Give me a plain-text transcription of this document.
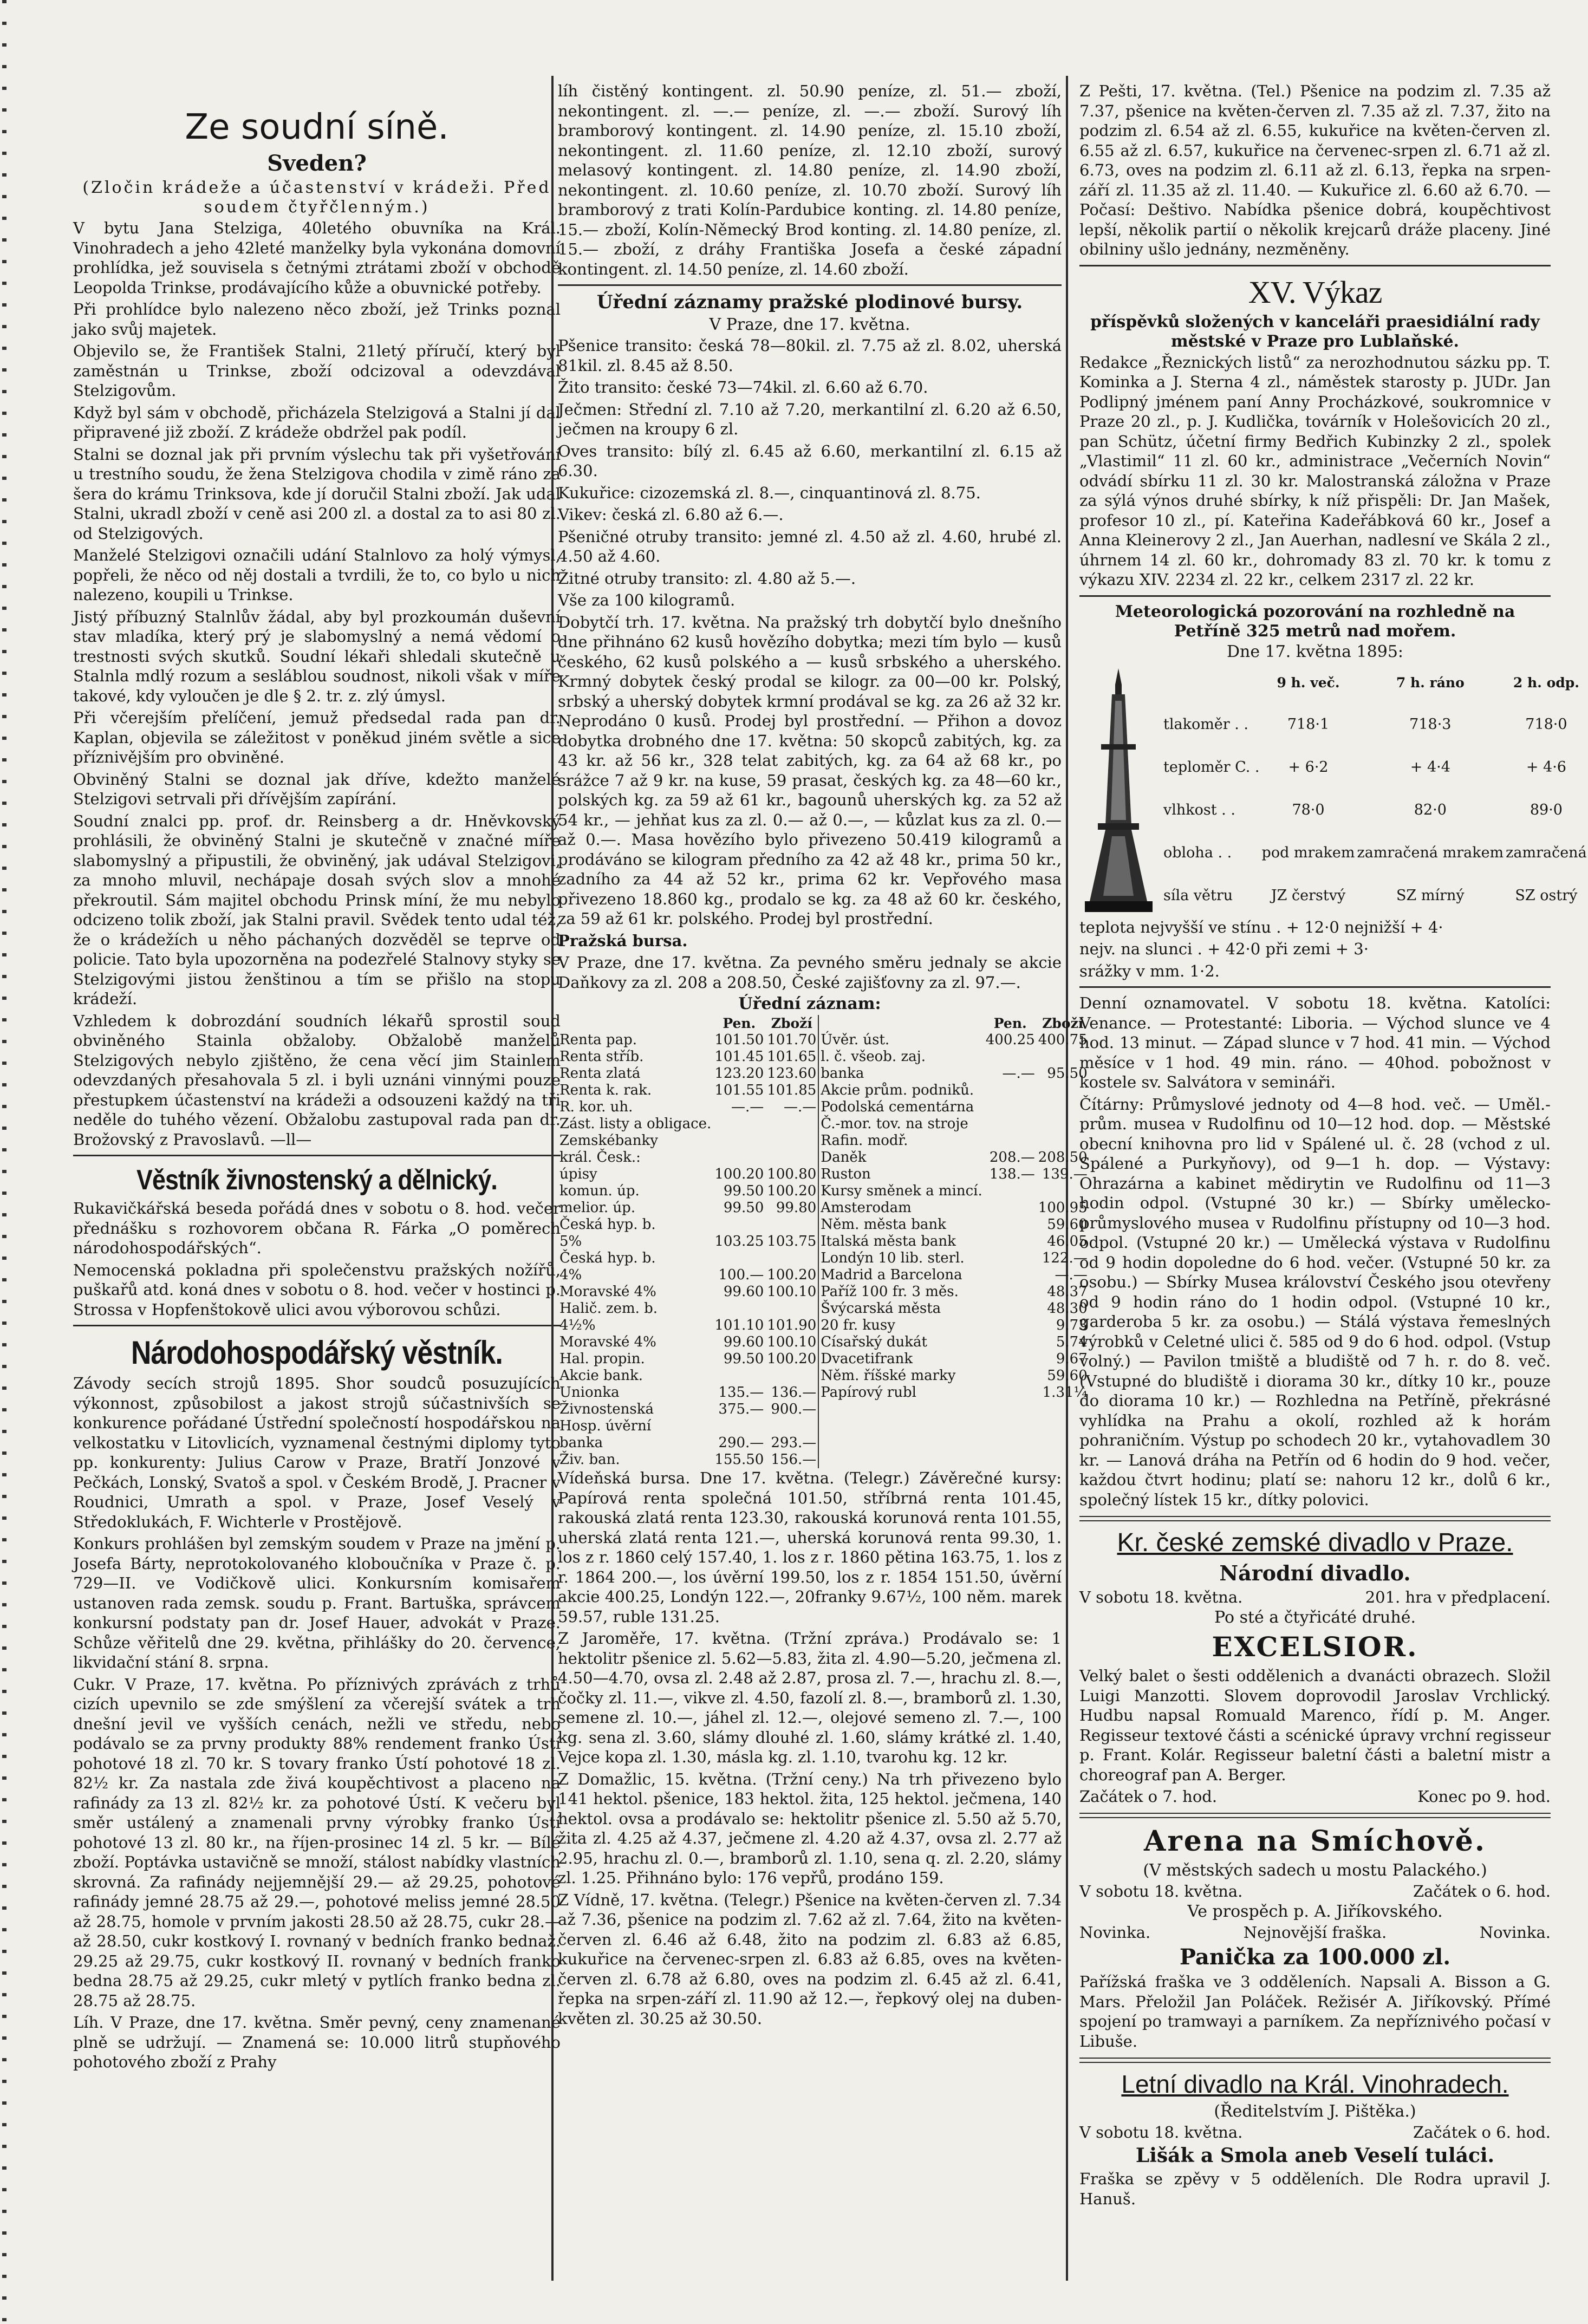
Ze soudní síně.
Sveden?
(Zločin krádeže a účastenství v krádeži. Před soudem čtyřčlenným.)

V bytu Jana Stelziga, 40letého obuvníka na Král. Vinohradech a jeho 42leté manželky byla vykonána domovní prohlídka, jež souvisela s četnými ztrátami zboží v obchodě Leopolda Trinkse, prodávajícího kůže a obuvnické potřeby.

Při prohlídce bylo nalezeno něco zboží, jež Trinks poznal jako svůj majetek.

Objevilo se, že František Stalni, 21letý příručí, který byl zaměstnán u Trinkse, zboží odcizoval a odevzdával Stelzigovům.

Když byl sám v obchodě, přicházela Stelzigová a Stalni jí dal připravené již zboží. Z krádeže obdržel pak podíl.

Stalni se doznal jak při prvním výslechu tak při vyšetřování u trestního soudu, že žena Stelzigova chodila v zimě ráno za šera do krámu Trinksova, kde jí doručil Stalni zboží. Jak udal Stalni, ukradl zboží v ceně asi 200 zl. a dostal za to asi 80 zl. od Stelzigových.

Manželé Stelzigovi označili udání Stalnlovo za holý výmysl, popřeli, že něco od něj dostali a tvrdili, že to, co bylo u nich nalezeno, koupili u Trinkse.

Jistý příbuzný Stalnlův žádal, aby byl prozkoumán duševní stav mladíka, který prý je slabomyslný a nemá vědomí o trestnosti svých skutků. Soudní lékaři shledali skutečně u Stalnla mdlý rozum a sesláblou soudnost, nikoli však v míře takové, kdy vyloučen je dle § 2. tr. z. zlý úmysl.

Při včerejším přelíčení, jemuž předsedal rada pan dr. Kaplan, objevila se záležitost v poněkud jiném světle a sice příznivějším pro obviněné.

Obviněný Stalni se doznal jak dříve, kdežto manželé Stelzigovi setrvali při dřívějším zapírání.

Soudní znalci pp. prof. dr. Reinsberg a dr. Hněvkovský prohlásili, že obviněný Stalni je skutečně v značné míře slabomyslný a připustili, že obviněný, jak udával Stelzigovi, za mnoho mluvil, nechápaje dosah svých slov a mnohé překroutil. Sám majitel obchodu Prinsk míní, že mu nebylo odcizeno tolik zboží, jak Stalni pravil. Svědek tento udal též, že o krádežích u něho páchaných dozvěděl se teprve od policie. Tato byla upozorněna na podezřelé Stalnovy styky se Stelzigovými jistou ženštinou a tím se přišlo na stopu krádeží.

Vzhledem k dobrozdání soudních lékařů sprostil soud obviněného Stainla obžaloby. Obžalobě manželů Stelzigových nebylo zjištěno, že cena věcí jim Stainlem odevzdaných přesahovala 5 zl. i byli uznáni vinnými pouze přestupkem účastenství na krádeži a odsouzeni každý na tři neděle do tuhého vězení. Obžalobu zastupoval rada pan dr. Brožovský z Pravoslavů. —ll—

Věstník živnostenský a dělnický.

Rukavičkářská beseda pořádá dnes v sobotu o 8. hod. večer přednášku s rozhovorem občana R. Fárka „O poměrech národohospodářských“.

Nemocenská pokladna při společenstvu pražských nožířů, puškařů atd. koná dnes v sobotu o 8. hod. večer v hostinci p. Strossa v Hopfenštokově ulici avou výborovou schůzi.

Národohospodářský věstník.

Závody secích strojů 1895. Shor soudců posuzujících výkonnost, způsobilost a jakost strojů súčastnivších se konkurence pořádané Ústřední společností hospodářskou na velkostatku v Litovlicích, vyznamenal čestnými diplomy tyto pp. konkurenty: Julius Carow v Praze, Bratří Jonzové v Pečkách, Lonský, Svatoš a spol. v Českém Brodě, J. Pracner v Roudnici, Umrath a spol. v Praze, Josef Veselý v Středoklukách, F. Wichterle v Prostějově.

Konkurs prohlášen byl zemským soudem v Praze na jmění p. Josefa Bárty, neprotokolovaného kloboučníka v Praze č. p. 729—II. ve Vodičkově ulici. Konkursním komisařem ustanoven rada zemsk. soudu p. Frant. Bartuška, správcem konkursní podstaty pan dr. Josef Hauer, advokát v Praze. Schůze věřitelů dne 29. května, přihlášky do 20. července, likvidační stání 8. srpna.

Cukr. V Praze, 17. května. Po příznivých zprávách z trhů cizích upevnilo se zde smýšlení za včerejší svátek a trh dnešní jevil ve vyšších cenách, nežli ve středu, nebo podávalo se za prvny produkty 88% rendement franko Ústí pohotové 18 zl. 70 kr. S tovary franko Ústí pohotové 18 zl. 82½ kr. Za nastala zde živá koupěchtivost a placeno na rafinády za 13 zl. 82½ kr. za pohotové Ústí. K večeru byl směr ustálený a znamenali prvny výrobky franko Ústí pohotové 13 zl. 80 kr., na říjen-prosinec 14 zl. 5 kr. — Bílé zboží. Poptávka ustavičně se množí, stálost nabídky vlastních skrovná. Za rafinády nejjemnější 29.— až 29.25, pohotové rafinády jemné 28.75 až 29.—, pohotové meliss jemné 28.50 až 28.75, homole v prvním jakosti 28.50 až 28.75, cukr 28.— až 28.50, cukr kostkový I. rovnaný v bedních franko bednaž. 29.25 až 29.75, cukr kostkový II. rovnaný v bedních franko bedna 28.75 až 29.25, cukr mletý v pytlích franko bedna zl. 28.75 až 28.75.

Líh. V Praze, dne 17. května. Směr pevný, ceny znamenané plně se udržují. — Znamená se: 10.000 litrů stupňového pohotového zboží z Prahy

líh čistěný kontingent. zl. 50.90 peníze, zl. 51.— zboží, nekontingent. zl. —.— peníze, zl. —.— zboží. Surový líh bramborový kontingent. zl. 14.90 peníze, zl. 15.10 zboží, nekontingent. zl. 11.60 peníze, zl. 12.10 zboží, surový melasový kontingent. zl. 14.80 peníze, zl. 14.90 zboží, nekontingent. zl. 10.60 peníze, zl. 10.70 zboží. Surový líh bramborový z trati Kolín-Pardubice konting. zl. 14.80 peníze, 15.— zboží, Kolín-Německý Brod konting. zl. 14.80 peníze, zl. 15.— zboží, z dráhy Františka Josefa a české západní kontingent. zl. 14.50 peníze, zl. 14.60 zboží.

Úřední záznamy pražské plodinové bursy.
V Praze, dne 17. května.

Pšenice transito: česká 78—80kil. zl. 7.75 až zl. 8.02, uherská 81kil. zl. 8.45 až 8.50.

Žito transito: české 73—74kil. zl. 6.60 až 6.70.

Ječmen: Střední zl. 7.10 až 7.20, merkantilní zl. 6.20 až 6.50, ječmen na kroupy 6 zl.

Oves transito: bílý zl. 6.45 až 6.60, merkantilní zl. 6.15 až 6.30.

Kukuřice: cizozemská zl. 8.—, cinquantinová zl. 8.75.

Vikev: česká zl. 6.80 až 6.—.

Pšeničné otruby transito: jemné zl. 4.50 až zl. 4.60, hrubé zl. 4.50 až 4.60.

Žitné otruby transito: zl. 4.80 až 5.—.

Vše za 100 kilogramů.

Dobytčí trh. 17. května. Na pražský trh dobytčí bylo dnešního dne přihnáno 62 kusů hovězího dobytka; mezi tím bylo — kusů českého, 62 kusů polského a — kusů srbského a uherského. Krmný dobytek český prodal se kilogr. za 00—00 kr. Polský, srbský a uherský dobytek krmní prodával se kg. za 26 až 32 kr. Neprodáno 0 kusů. Prodej byl prostřední. — Přihon a dovoz dobytka drobného dne 17. května: 50 skopců zabitých, kg. za 43 kr. až 56 kr., 328 telat zabitých, kg. za 64 až 68 kr., po srážce 7 až 9 kr. na kuse, 59 prasat, českých kg. za 48—60 kr., polských kg. za 59 až 61 kr., bagounů uherských kg. za 52 až 54 kr., — jehňat kus za zl. 0.— až 0.—, — kůzlat kus za zl. 0.— až 0.—. Masa hovězího bylo přivezeno 50.419 kilogramů a prodáváno se kilogram předního za 42 až 48 kr., prima 50 kr., zadního za 44 až 52 kr., prima 62 kr. Vepřového masa přivezeno 18.860 kg., prodalo se kg. za 48 až 60 kr. českého, za 59 až 61 kr. polského. Prodej byl prostřední.

Pražská bursa.

V Praze, dne 17. května. Za pevného směru jednaly se akcie Daňkovy za zl. 208 a 208.50, České zajišťovny za zl. 97.—.

Úřední záznam:
	Pen.	Zboží
Renta pap.	101.50	101.70
Renta stříb.	101.45	101.65
Renta zlatá	123.20	123.60
Renta k. rak.	101.55	101.85
R. kor. uh.	—.—	—.—
Zást. listy a obligace.		
Zemskébanky		
král. Česk.:		
úpisy	100.20	100.80
komun. úp.	99.50	100.20
melior. úp.	99.50	99.80
Česká hyp. b.		
5%	103.25	103.75
Česká hyp. b.		
4%	100.—	100.20
Moravské 4%	99.60	100.10
Halič. zem. b.		
4½%	101.10	101.90
Moravské 4%	99.60	100.10
Hal. propin.	99.50	100.20
Akcie bank.		
Unionka	135.—	136.—
Živnostenská	375.—	900.—
Hosp. úvěrní		
banka	290.—	293.—
Živ. ban.	155.50	156.—
	Pen.	Zboží
Úvěr. úst.	400.25	400.75
l. č. všeob. zaj.		
banka	—.—	95.50
Akcie prům. podniků.		
Podolská cementárna		
Č.-mor. tov. na stroje		
Rafin. modř.		
Daněk	208.—	208.50
Ruston	138.—	139.—
Kursy směnek a mincí.		
Amsterodam		100.95
Něm. města bank		59.60
Italská města bank		46.05
Londýn 10 lib. sterl.		122.—
Madrid a Barcelona		—.—
Paříž 100 fr. 3 měs.		48.37
Švýcarská města		48.30
20 fr. kusy		9.73
Císařský dukát		5.74
Dvacetifrank		9.67
Něm. říšské marky		59.60
Papírový rubl		1.31¼

Vídeňská bursa. Dne 17. května. (Telegr.) Závěrečné kursy: Papírová renta společná 101.50, stříbrná renta 101.45, rakouská zlatá renta 123.30, rakouská korunová renta 101.55, uherská zlatá renta 121.—, uherská korunová renta 99.30, 1. los z r. 1860 celý 157.40, 1. los z r. 1860 pětina 163.75, 1. los z r. 1864 200.—, los úvěrní 199.50, los z r. 1854 151.50, úvěrní akcie 400.25, Londýn 122.—, 20franky 9.67½, 100 něm. marek 59.57, ruble 131.25.

Z Jaroměře, 17. května. (Tržní zpráva.) Prodávalo se: 1 hektolitr pšenice zl. 5.62—5.83, žita zl. 4.90—5.20, ječmena zl. 4.50—4.70, ovsa zl. 2.48 až 2.87, prosa zl. 7.—, hrachu zl. 8.—, čočky zl. 11.—, vikve zl. 4.50, fazolí zl. 8.—, bramborů zl. 1.30, semene zl. 10.—, jáhel zl. 12.—, olejové semeno zl. 7.—, 100 kg. sena zl. 3.60, slámy dlouhé zl. 1.60, slámy krátké zl. 1.40, Vejce kopa zl. 1.30, másla kg. zl. 1.10, tvarohu kg. 12 kr.

Z Domažlic, 15. května. (Tržní ceny.) Na trh přivezeno bylo 141 hektol. pšenice, 183 hektol. žita, 125 hektol. ječmena, 140 hektol. ovsa a prodávalo se: hektolitr pšenice zl. 5.50 až 5.70, žita zl. 4.25 až 4.37, ječmene zl. 4.20 až 4.37, ovsa zl. 2.77 až 2.95, hrachu zl. 0.—, bramborů zl. 1.10, sena q. zl. 2.20, slámy zl. 1.25. Přihnáno bylo: 176 vepřů, prodáno 159.

Z Vídně, 17. května. (Telegr.) Pšenice na květen-červen zl. 7.34 až 7.36, pšenice na podzim zl. 7.62 až zl. 7.64, žito na květen-červen zl. 6.46 až 6.48, žito na podzim zl. 6.83 až 6.85, kukuřice na červenec-srpen zl. 6.83 až 6.85, oves na květen-červen zl. 6.78 až 6.80, oves na podzim zl. 6.45 až zl. 6.41, řepka na srpen-září zl. 11.90 až 12.—, řepkový olej na duben-květen zl. 30.25 až 30.50.

Z Pešti, 17. května. (Tel.) Pšenice na podzim zl. 7.35 až 7.37, pšenice na květen-červen zl. 7.35 až zl. 7.37, žito na podzim zl. 6.54 až zl. 6.55, kukuřice na květen-červen zl. 6.55 až zl. 6.57, kukuřice na červenec-srpen zl. 6.71 až zl. 6.73, oves na podzim zl. 6.11 až zl. 6.13, řepka na srpen-září zl. 11.35 až zl. 11.40. — Kukuřice zl. 6.60 až 6.70. — Počasí: Deštivo. Nabídka pšenice dobrá, koupěchtivost lepší, několik partií o několik krejcarů dráže placeny. Jiné obilniny ušlo jednány, nezměněny.

XV. Výkaz
příspěvků složených v kanceláři praesidiální rady městské v Praze pro Lublaňské.

Redakce „Řeznických listů“ za nerozhodnutou sázku pp. T. Kominka a J. Sterna 4 zl., náměstek starosty p. JUDr. Jan Podlipný jménem paní Anny Procházkové, soukromnice v Praze 20 zl., p. J. Kudlička, továrník v Holešovicích 20 zl., pan Schütz, účetní firmy Bedřich Kubinzky 2 zl., spolek „Vlastimil“ 11 zl. 60 kr., administrace „Večerních Novin“ odvádí sbírku 11 zl. 30 kr. Malostranská záložna v Praze za sýlá výnos druhé sbírky, k níž přispěli: Dr. Jan Mašek, profesor 10 zl., pí. Kateřina Kadeřábková 60 kr., Josef a Anna Kleinerovy 2 zl., Jan Auerhan, nadlesní ve Skála 2 zl., úhrnem 14 zl. 60 kr., dohromady 83 zl. 70 kr. k tomu z výkazu XIV. 2234 zl. 22 kr., celkem 2317 zl. 22 kr.

Meteorologická pozorování na rozhledně na Petříně 325 metrů nad mořem.
Dne 17. května 1895:
	9 h. več.	7 h. ráno	2 h. odp.
tlakoměr . .	718·1	718·3	718·0
teploměr C. .	+ 6·2	+ 4·4	+ 4·6
vlhkost . .	78·0	82·0	89·0
obloha . .	pod mrakem	zamračená mrakem	zamračená
síla větru	JZ čerstvý	SZ mírný	SZ ostrý

teplota nejvyšší ve stínu . + 12·0 nejnižší + 4·

nejv. na slunci . + 42·0 při zemi + 3·

srážky v mm. 1·2.

Denní oznamovatel. V sobotu 18. května. Katolíci: Venance. — Protestanté: Liboria. — Východ slunce ve 4 hod. 13 minut. — Západ slunce v 7 hod. 41 min. — Východ měsíce v 1 hod. 49 min. ráno. — 40hod. pobožnost v kostele sv. Salvátora v semináři.

Čítárny: Průmyslové jednoty od 4—8 hod. več. — Uměl.-prům. musea v Rudolfinu od 10—12 hod. dop. — Městské obecní knihovna pro lid v Spálené ul. č. 28 (vchod z ul. Spálené a Purkyňovy), od 9—1 h. dop. — Výstavy: Ohrazárna a kabinet mědirytin ve Rudolfinu od 11—3 hodin odpol. (Vstupné 30 kr.) — Sbírky umělecko-průmyslového musea v Rudolfinu přístupny od 10—3 hod. odpol. (Vstupné 20 kr.) — Umělecká výstava v Rudolfinu od 9 hodin dopoledne do 6 hod. večer. (Vstupné 50 kr. za osobu.) — Sbírky Musea království Českého jsou otevřeny od 9 hodin ráno do 1 hodin odpol. (Vstupné 10 kr., garderoba 5 kr. za osobu.) — Stálá výstava řemeslných výrobků v Celetné ulici č. 585 od 9 do 6 hod. odpol. (Vstup volný.) — Pavilon tmiště a bludiště od 7 h. r. do 8. več. (Vstupné do bludiště i diorama 30 kr., dítky 10 kr., pouze do diorama 10 kr.) — Rozhledna na Petříně, překrásné vyhlídka na Prahu a okolí, rozhled až k horám pohraničním. Výstup po schodech 20 kr., vytahovadlem 30 kr. — Lanová dráha na Petřín od 6 hodin do 9 hod. večer, každou čtvrt hodinu; platí se: nahoru 12 kr., dolů 6 kr., společný lístek 15 kr., dítky polovici.

Kr. české zemské divadlo v Praze.
Národní divadlo.
V sobotu 18. května.	201. hra v předplacení.
Po sté a čtyřicáté druhé.
EXCELSIOR.

Velký balet o šesti oddělenich a dvanácti obrazech. Složil Luigi Manzotti. Slovem doprovodil Jaroslav Vrchlický. Hudbu napsal Romuald Marenco, řídí p. M. Anger. Regisseur textové části a scénické úpravy vrchní regisseur p. Frant. Kolár. Regisseur baletní části a baletní mistr a choreograf pan A. Berger.

Začátek o 7. hod.	Konec po 9. hod.
Arena na Smíchově.
(V městských sadech u mostu Palackého.)
V sobotu 18. května.	Začátek o 6. hod.
Ve prospěch p. A. Jiříkovského.
Novinka.	Nejnovější fraška.	Novinka.
Panička za 100.000 zl.

Pařížská fraška ve 3 odděleních. Napsali A. Bisson a G. Mars. Přeložil Jan Poláček. Režisér A. Jiříkovský. Přímé spojení po tramwayi a parníkem. Za nepříznivého počasí v Libuše.

Letní divadlo na Král. Vinohradech.
(Ředitelstvím J. Pištěka.)
V sobotu 18. května.	Začátek o 6. hod.
Lišák a Smola aneb Veselí tuláci.

Fraška se zpěvy v 5 odděleních. Dle Rodra upravil J. Hanuš.
